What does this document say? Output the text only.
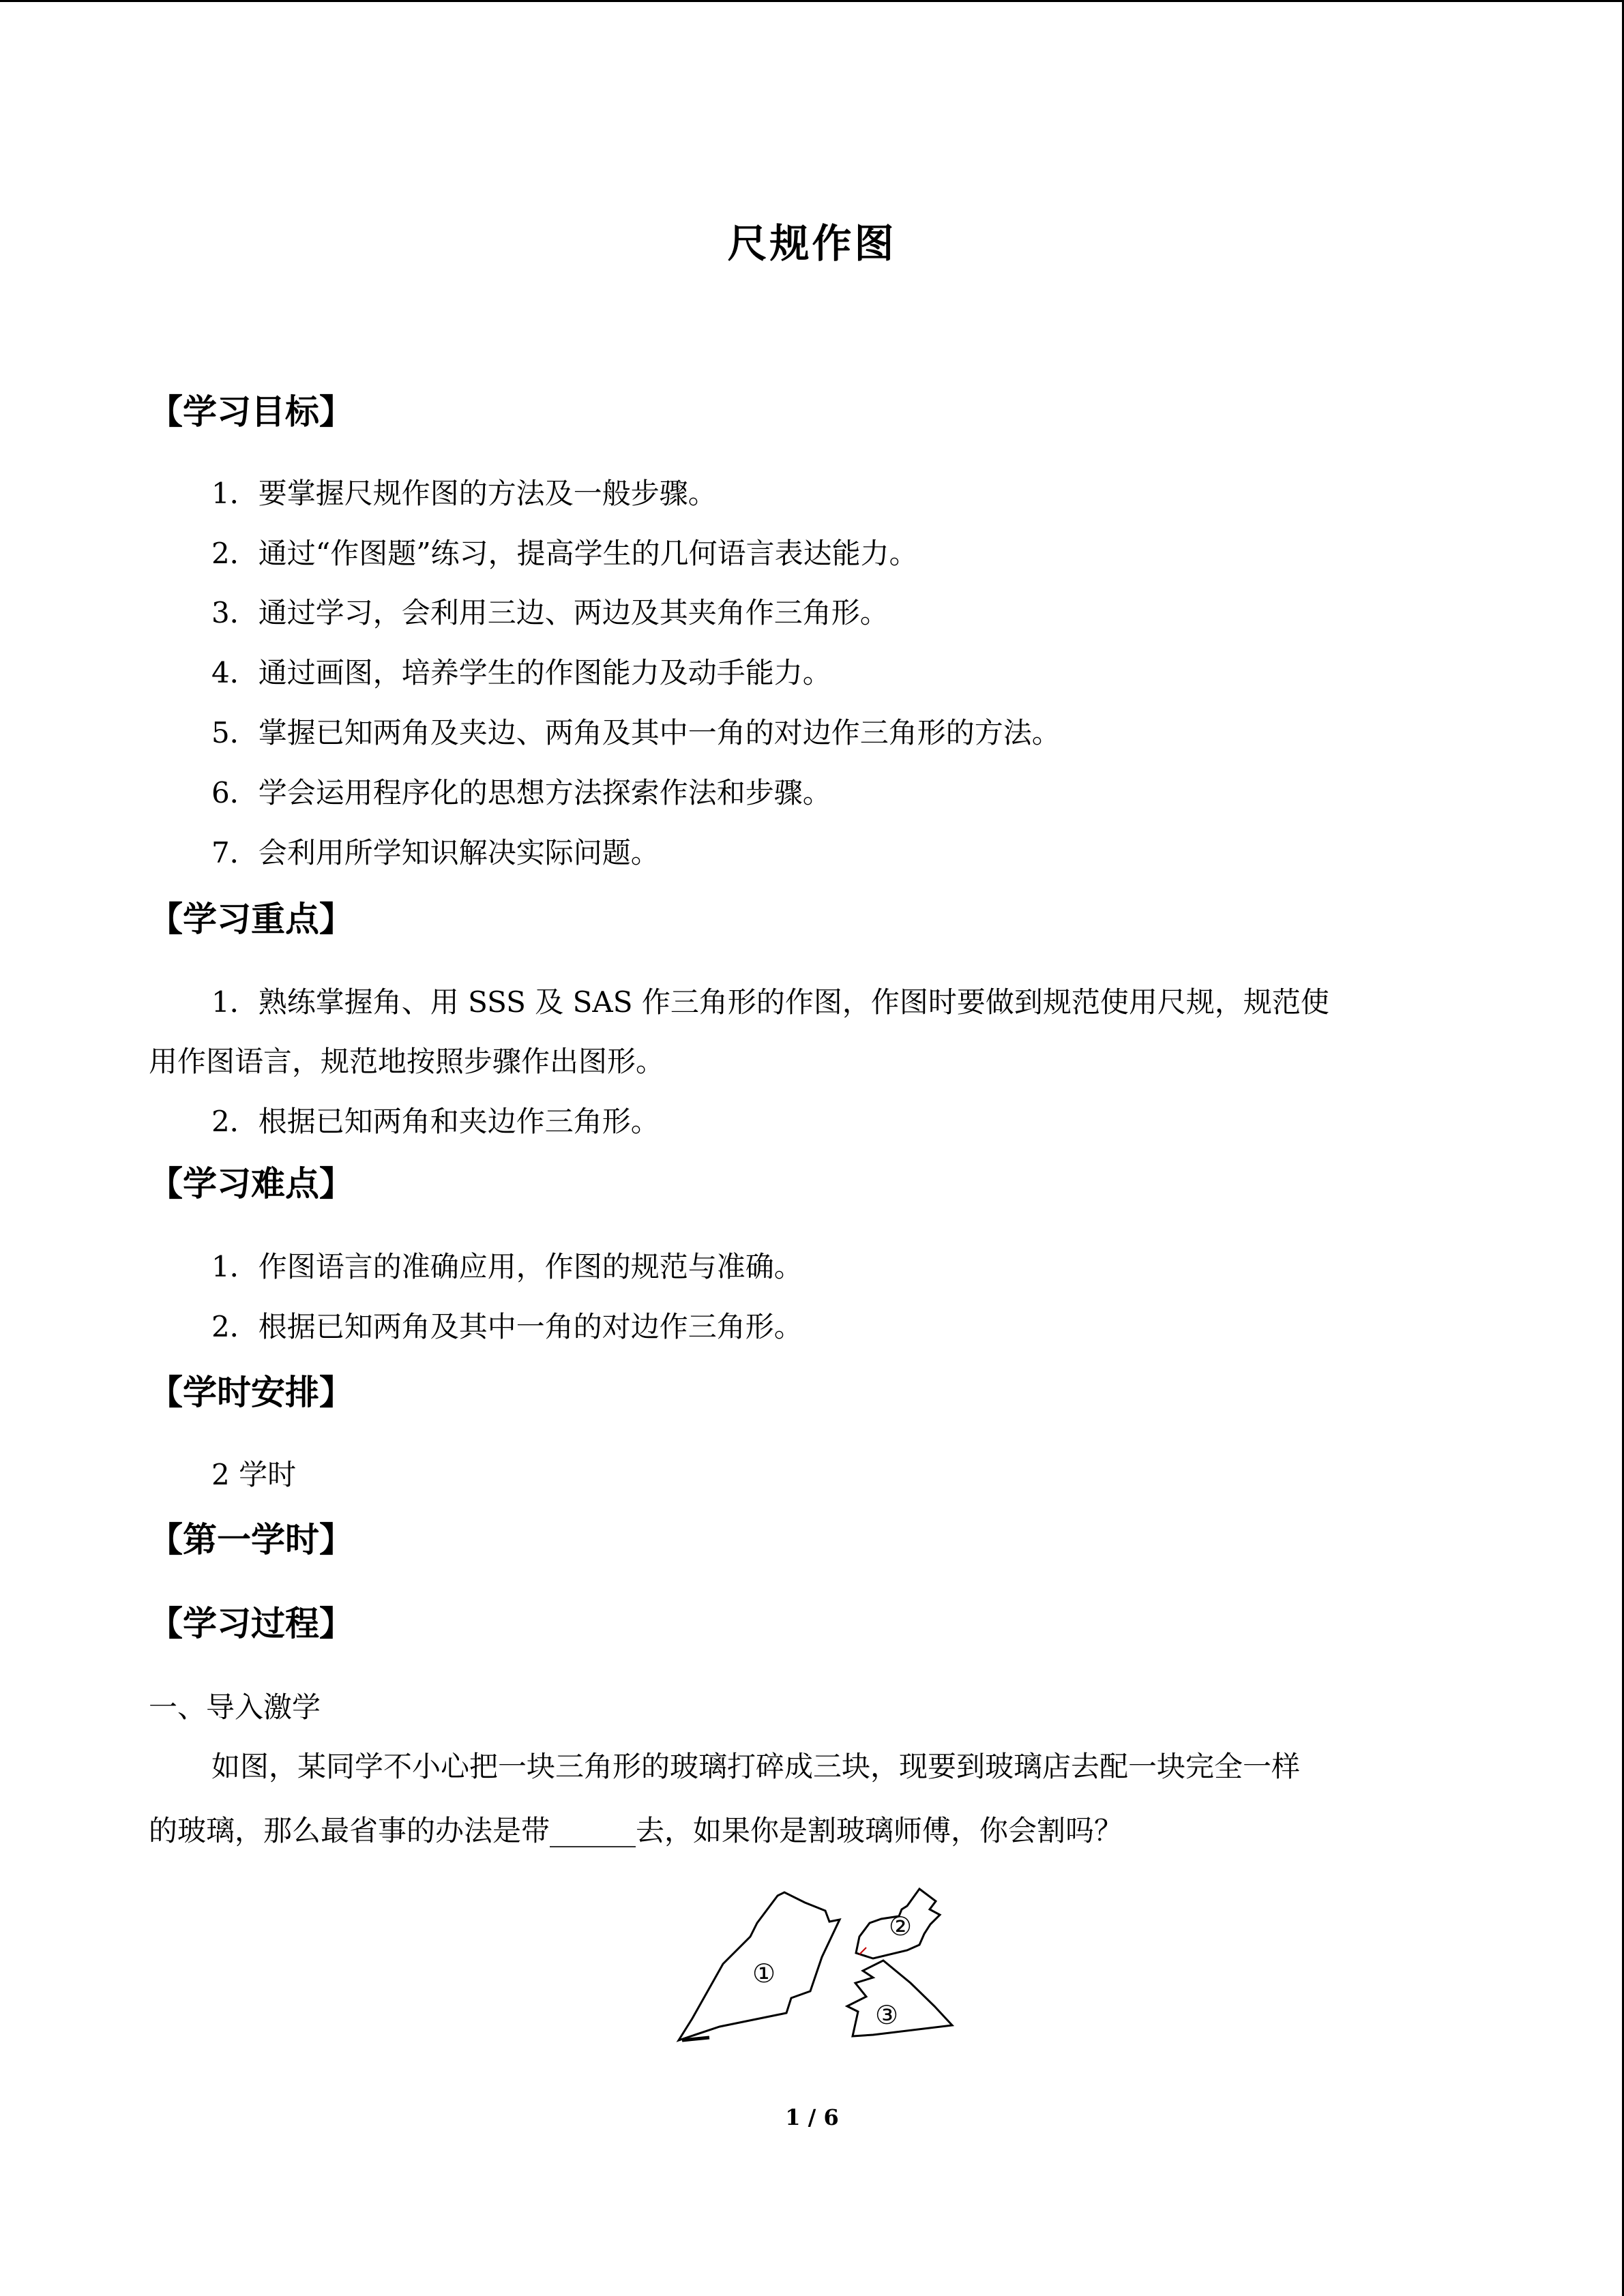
尺规作图
【学习目标】
1．要掌握尺规作图的方法及一般步骤。
2．通过“作图题”练习，提高学生的几何语言表达能力。
3．通过学习，会利用三边、两边及其夹角作三角形。
4．通过画图，培养学生的作图能力及动手能力。
5．掌握已知两角及夹边、两角及其中一角的对边作三角形的方法。
6．学会运用程序化的思想方法探索作法和步骤。
7．会利用所学知识解决实际问题。
【学习重点】
1．熟练掌握角、用 SSS 及 SAS 作三角形的作图，作图时要做到规范使用尺规，规范使
用作图语言，规范地按照步骤作出图形。
2．根据已知两角和夹边作三角形。
【学习难点】
1．作图语言的准确应用，作图的规范与准确。
2．根据已知两角及其中一角的对边作三角形。
【学时安排】
2 学时
【第一学时】
【学习过程】
一、导入激学
如图，某同学不小心把一块三角形的玻璃打碎成三块，现要到玻璃店去配一块完全一样
的玻璃，那么最省事的办法是带______去，如果你是割玻璃师傅，你会割吗？
①
②
③
1 / 6
